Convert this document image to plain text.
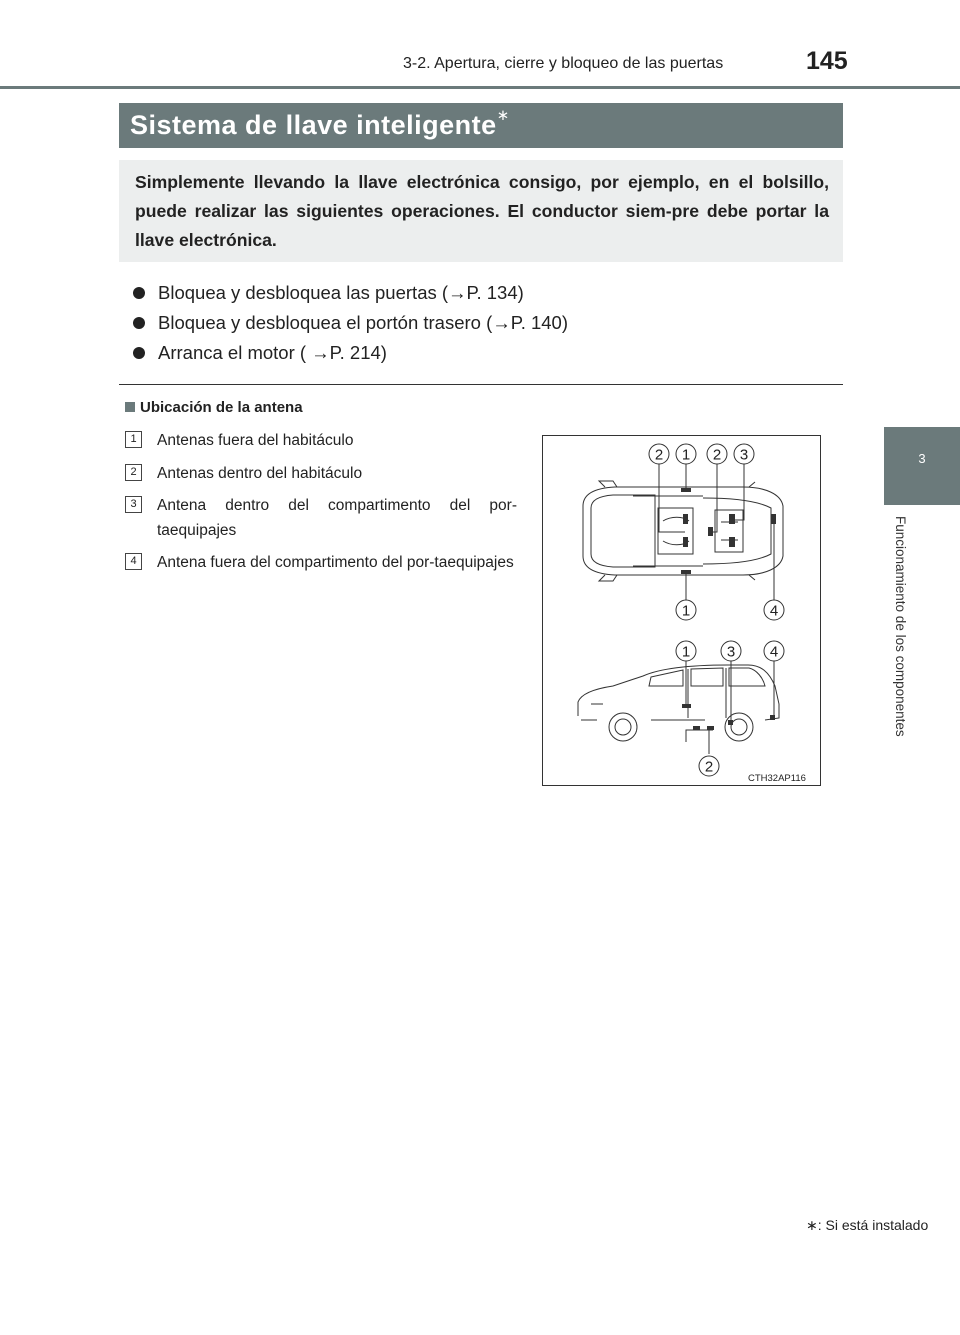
3-2. Apertura, cierre y bloqueo de las puertas	145
3
Funcionamiento de los componentes
Sistema de llave inteligente∗
Simplemente llevando la llave electrónica consigo, por ejemplo, en el bolsillo, puede realizar las siguientes operaciones. El conductor siem-pre debe portar la llave electrónica.
Bloquea y desbloquea las puertas (→P. 134)
Bloquea y desbloquea el portón trasero (→P. 140)
Arranca el motor ( →P. 214)
Ubicación de la antena
1	Antenas fuera del habitáculo
2	Antenas dentro del habitáculo
3	Antena dentro del compartimento del por-taequipajes
4	Antena fuera del compartimento del por-taequipajes
2 1 2 3
1	4
1 3 4
2
CTH32AP116
∗: Si está instalado
